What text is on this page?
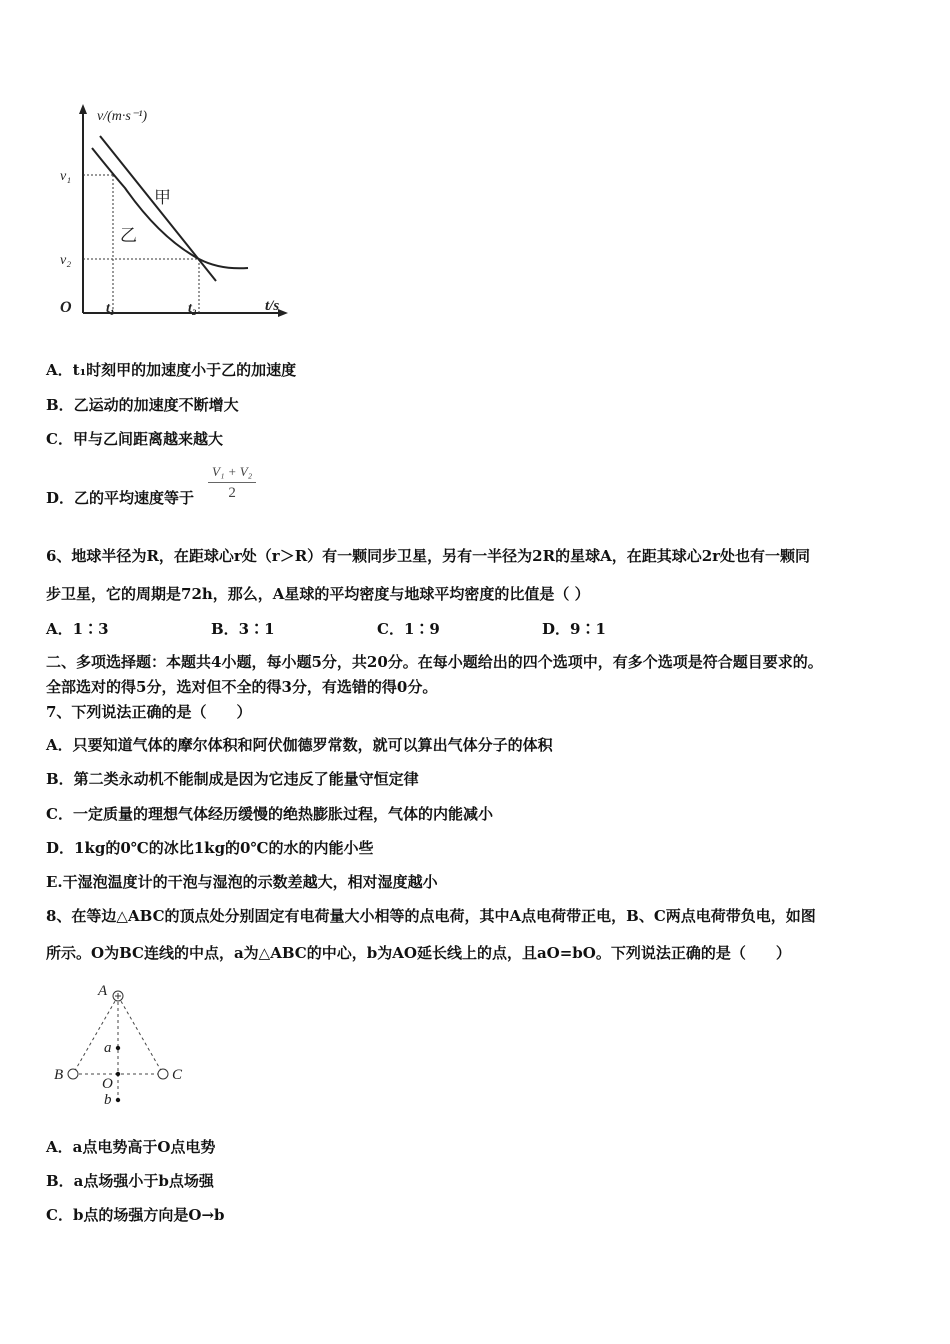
v/(m·s⁻¹)
t/s
O
v₁
v₂
t₁	t₂
甲
乙
A．t₁时刻甲的加速度小于乙的加速度
B．乙运动的加速度不断增大
C．甲与乙间距离越来越大
D．乙的平均速度等于 $\frac{\text{V₁ + V₂}}{2}$
6、地球半径为R，在距球心r处（r＞R）有一颗同步卫星，另有一半径为2R的星球A，在距其球心2r处也有一颗同
步卫星，它的周期是72h，那么，A星球的平均密度与地球平均密度的比值是（ ）
A．1∶3	B．3∶1	C．1∶9	D．9∶1
二、多项选择题：本题共4小题，每小题5分，共20分。在每小题给出的四个选项中，有多个选项是符合题目要求的。
全部选对的得5分，选对但不全的得3分，有选错的得0分。
7、下列说法正确的是（　　）
A．只要知道气体的摩尔体积和阿伏伽德罗常数，就可以算出气体分子的体积
B．第二类永动机不能制成是因为它违反了能量守恒定律
C．一定质量的理想气体经历缓慢的绝热膨胀过程，气体的内能减小
D．1kg的0℃的冰比1kg的0℃的水的内能小些
E.干湿泡温度计的干泡与湿泡的示数差越大，相对湿度越小
8、在等边△ABC的顶点处分别固定有电荷量大小相等的点电荷，其中A点电荷带正电，B、C两点电荷带负电，如图
所示。O为BC连线的中点，a为△ABC的中心，b为AO延长线上的点，且aO=bO。下列说法正确的是（　　）
A
B	C
O
a
b
A．a点电势高于O点电势
B．a点场强小于b点场强
C．b点的场强方向是O→b
